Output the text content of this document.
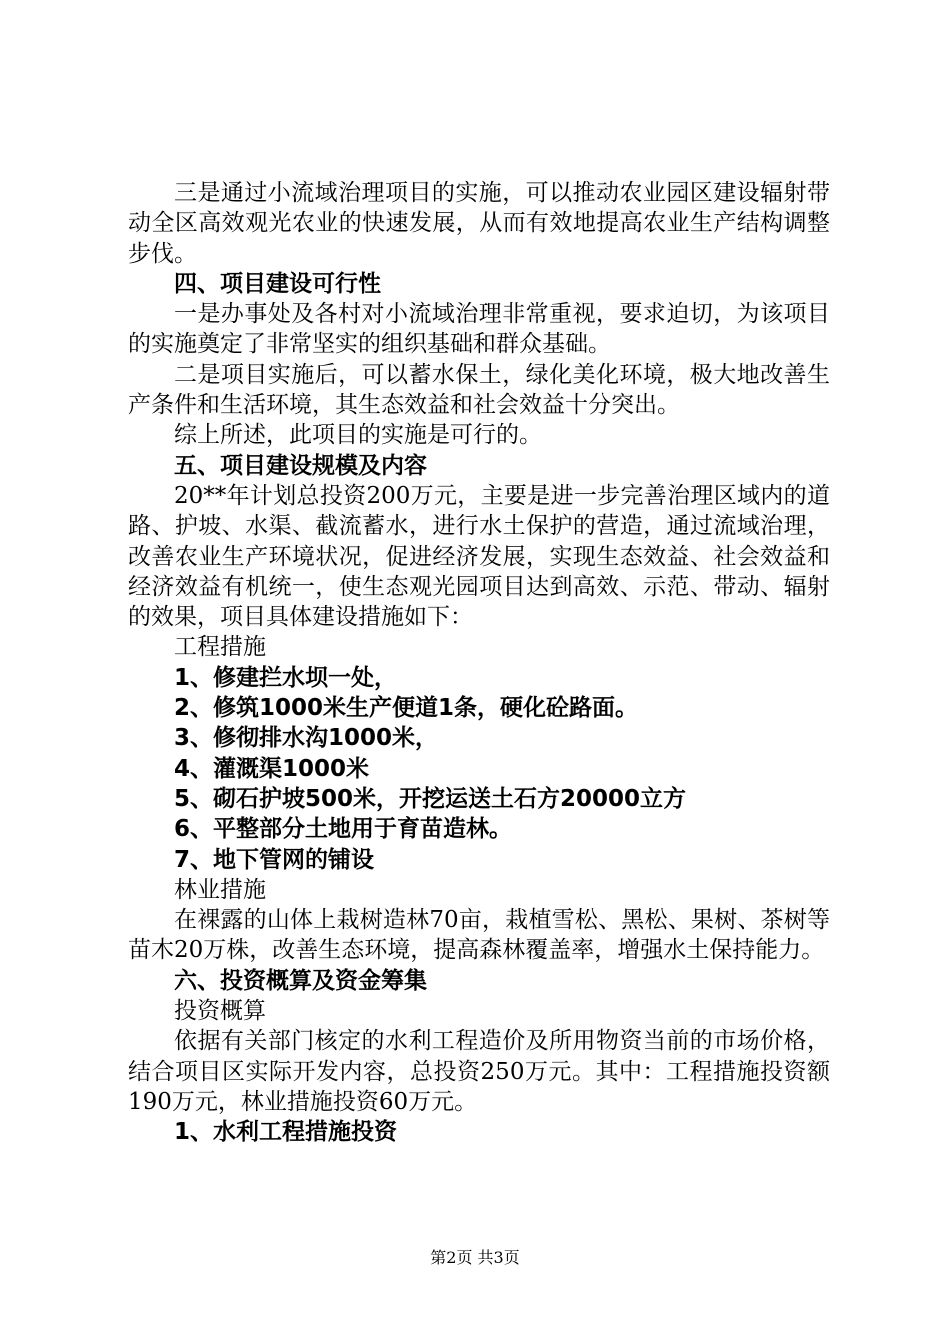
三是通过小流域治理项目的实施，可以推动农业园区建设辐射带动全区高效观光农业的快速发展，从而有效地提高农业生产结构调整步伐。

四、项目建设可行性

一是办事处及各村对小流域治理非常重视，要求迫切，为该项目的实施奠定了非常坚实的组织基础和群众基础。

二是项目实施后，可以蓄水保土，绿化美化环境，极大地改善生产条件和生活环境，其生态效益和社会效益十分突出。

综上所述，此项目的实施是可行的。

五、项目建设规模及内容

20**年计划总投资200万元，主要是进一步完善治理区域内的道路、护坡、水渠、截流蓄水，进行水土保护的营造，通过流域治理，改善农业生产环境状况，促进经济发展，实现生态效益、社会效益和经济效益有机统一，使生态观光园项目达到高效、示范、带动、辐射的效果，项目具体建设措施如下：

工程措施

1、修建拦水坝一处，

2、修筑1000米生产便道1条，硬化砼路面。

3、修彻排水沟1000米，

4、灌溉渠1000米

5、砌石护坡500米，开挖运送土石方20000立方

6、平整部分土地用于育苗造林。

7、地下管网的铺设

林业措施

在裸露的山体上栽树造林70亩，栽植雪松、黑松、果树、茶树等苗木20万株，改善生态环境，提高森林覆盖率，增强水土保持能力。

六、投资概算及资金筹集

投资概算

依据有关部门核定的水利工程造价及所用物资当前的市场价格，结合项目区实际开发内容，总投资250万元。其中：工程措施投资额190万元，林业措施投资60万元。

1、水利工程措施投资

第2页 共3页
